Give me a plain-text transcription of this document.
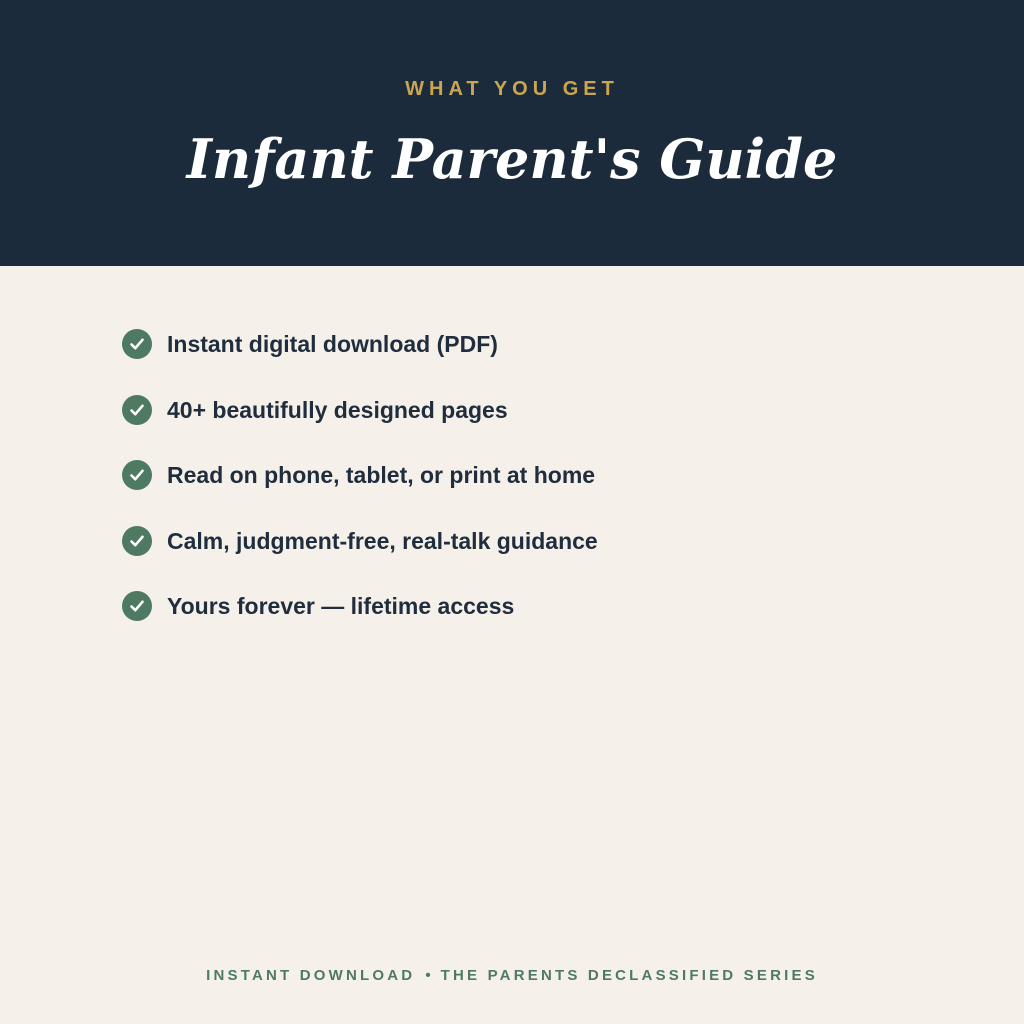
WHAT YOU GET
Infant Parent's Guide
Instant digital download (PDF)
40+ beautifully designed pages
Read on phone, tablet, or print at home
Calm, judgment-free, real-talk guidance
Yours forever — lifetime access
INSTANT DOWNLOAD • THE PARENTS DECLASSIFIED SERIES
